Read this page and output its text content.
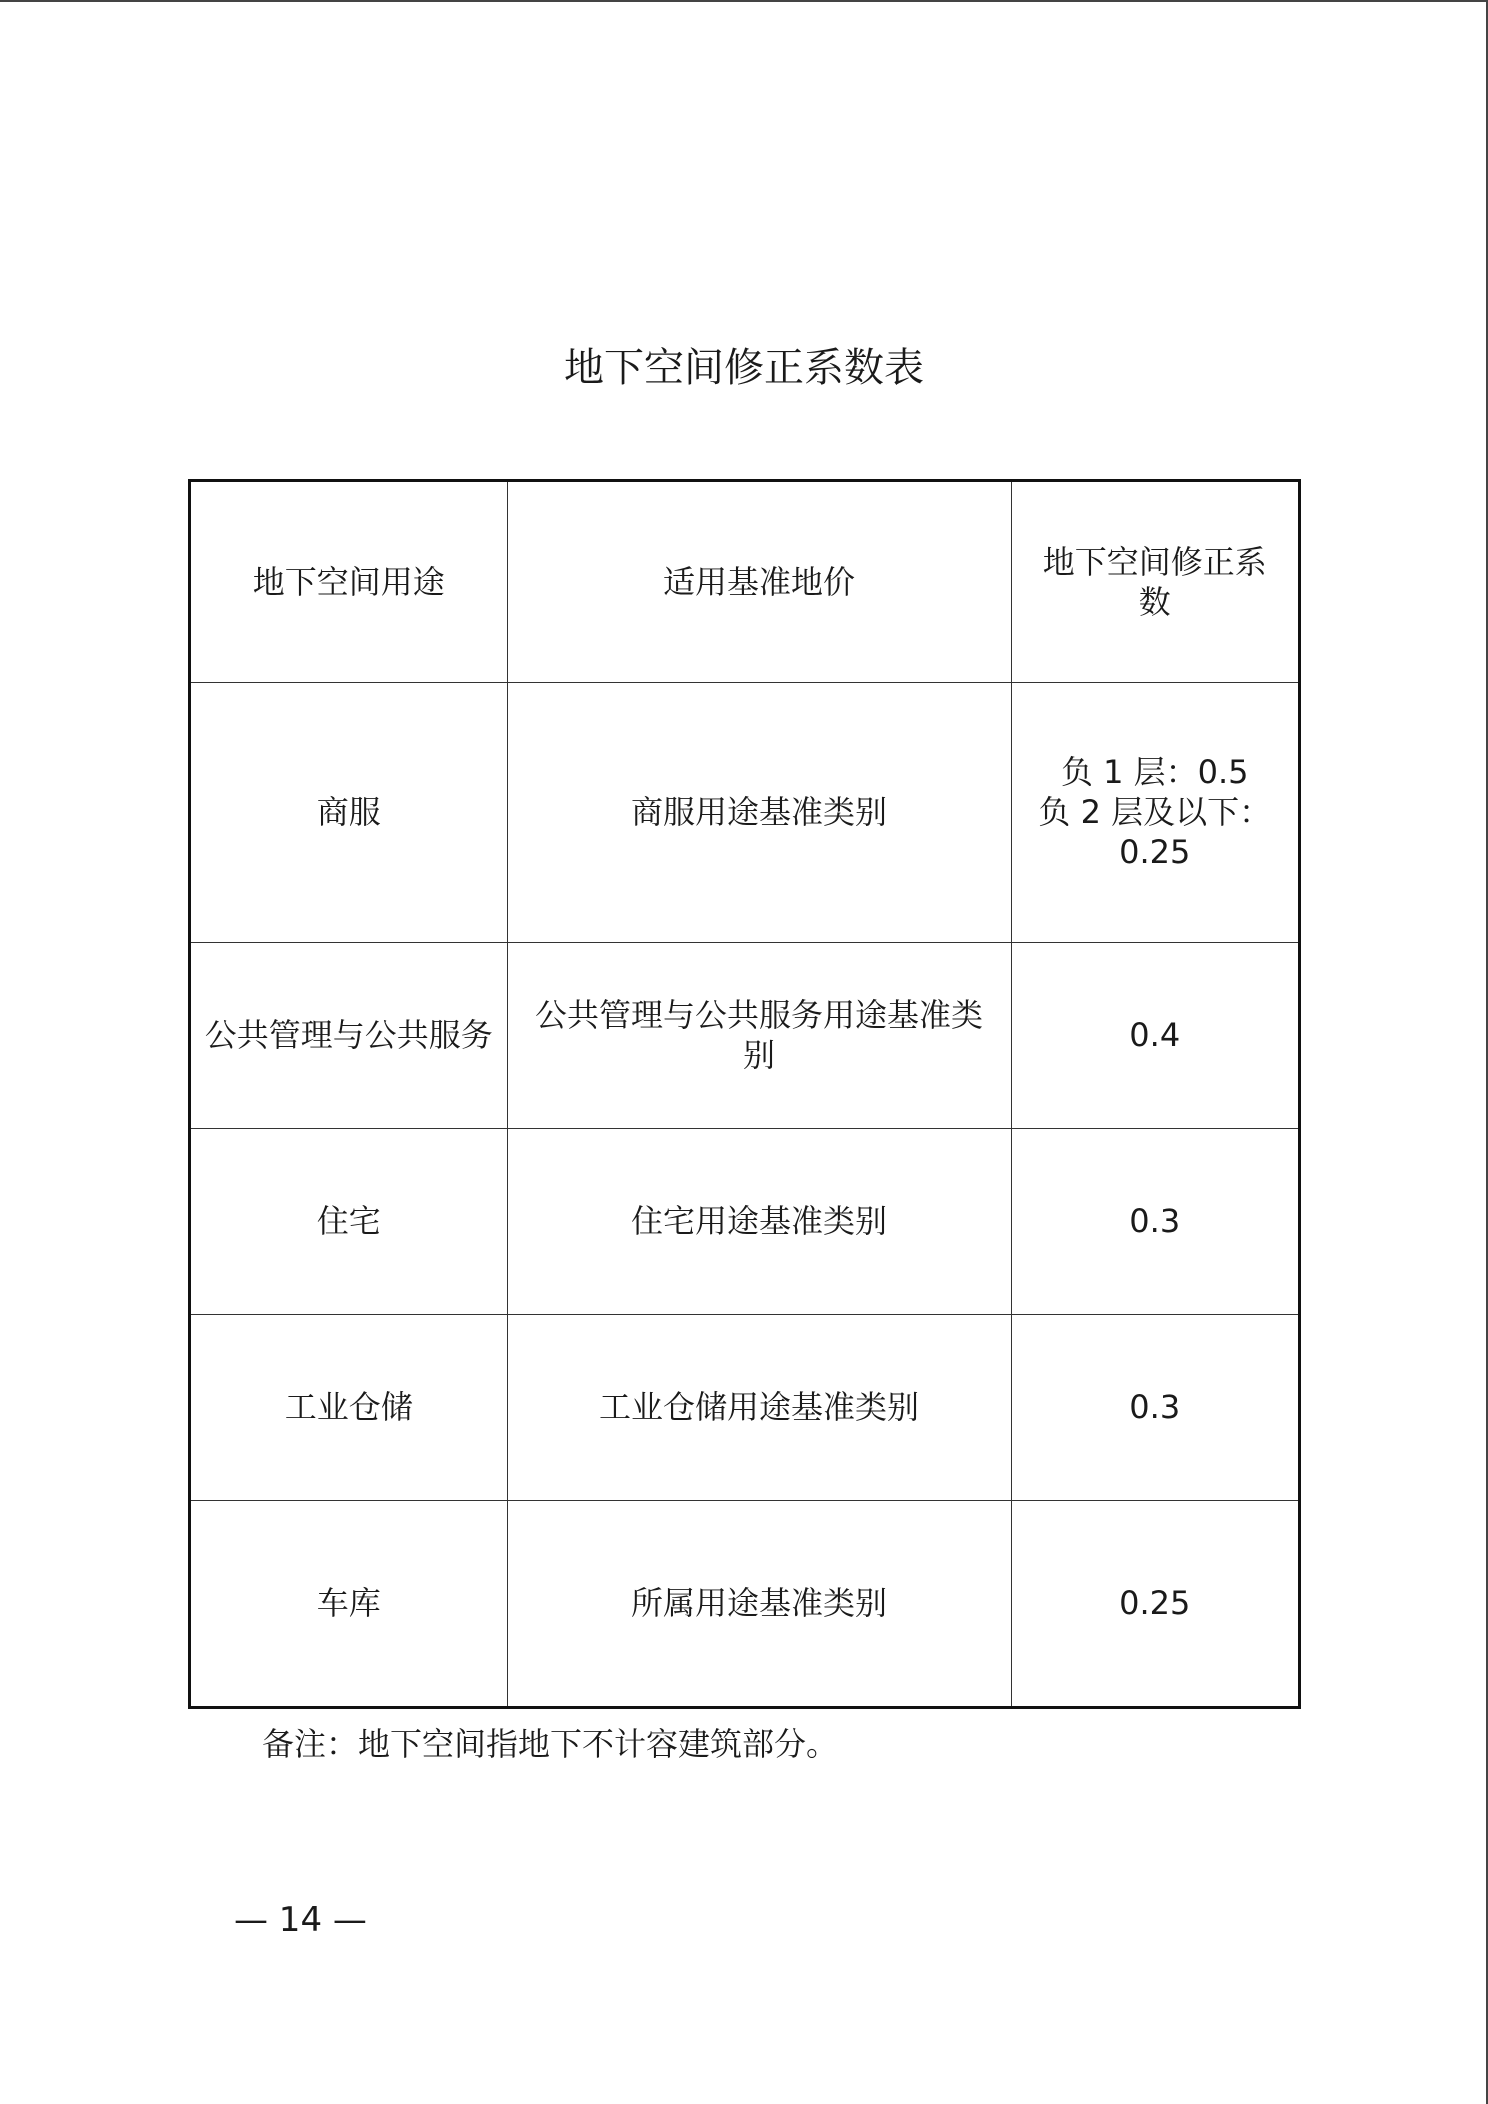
地下空间修正系数表
地下空间用途	适用基准地价	地下空间修正系数
商服	商服用途基准类别	负 1 层：0.5
负 2 层及以下：
0.25

公共管理与公共服务	公共管理与公共服务用途基准类别	0.4
住宅	住宅用途基准类别	0.3
工业仓储	工业仓储用途基准类别	0.3
车库	所属用途基准类别	0.25
备注：地下空间指地下不计容建筑部分。
— 14 —
